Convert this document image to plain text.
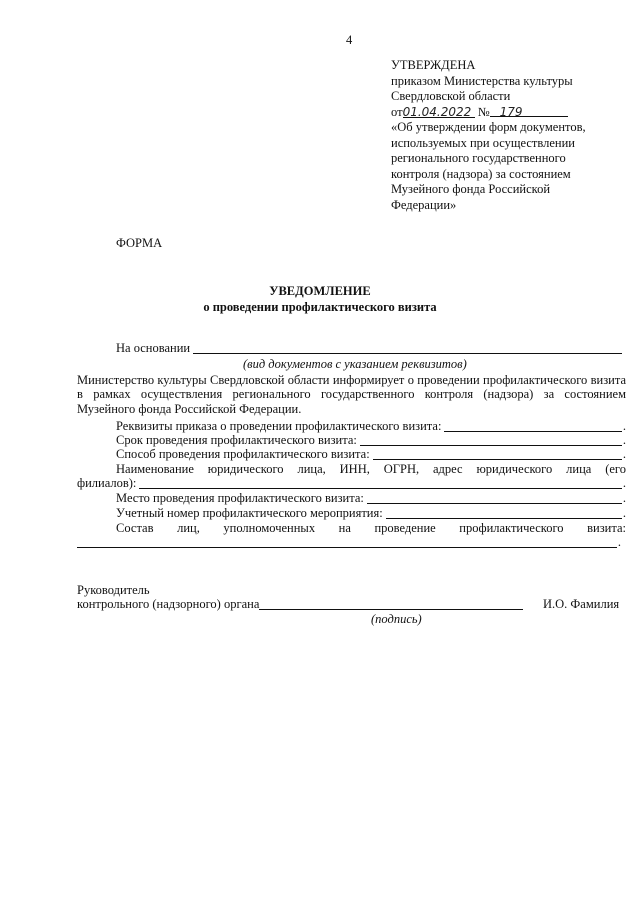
4
УТВЕРЖДЕНА
приказом Министерства культуры
Свердловской области
от01.04.2022 № 179
«Об утверждении форм документов,
используемых при осуществлении
регионального государственного
контроля (надзора) за состоянием
Музейного фонда Российской
Федерации»
ФОРМА
УВЕДОМЛЕНИЕ
о проведении профилактического визита
На основании
(вид документов с указанием реквизитов)
Министерство культуры Свердловской области информирует о проведении профилактического визита в рамках осуществления регионального государственного контроля (надзора) за состоянием Музейного фонда Российской Федерации.
Реквизиты приказа о проведении профилактического визита:	.
Срок проведения профилактического визита:	.
Способ проведения профилактического визита:	.
Наименование юридического лица, ИНН, ОГРН, адрес юридического лица (его
филиалов):	.
Место проведения профилактического визита:	.
Учетный номер профилактического мероприятия:	.
Состав лиц, уполномоченных на проведение профилактического визита:
.
Руководитель
контрольного (надзорного) органа	И.О. Фамилия
(подпись)
